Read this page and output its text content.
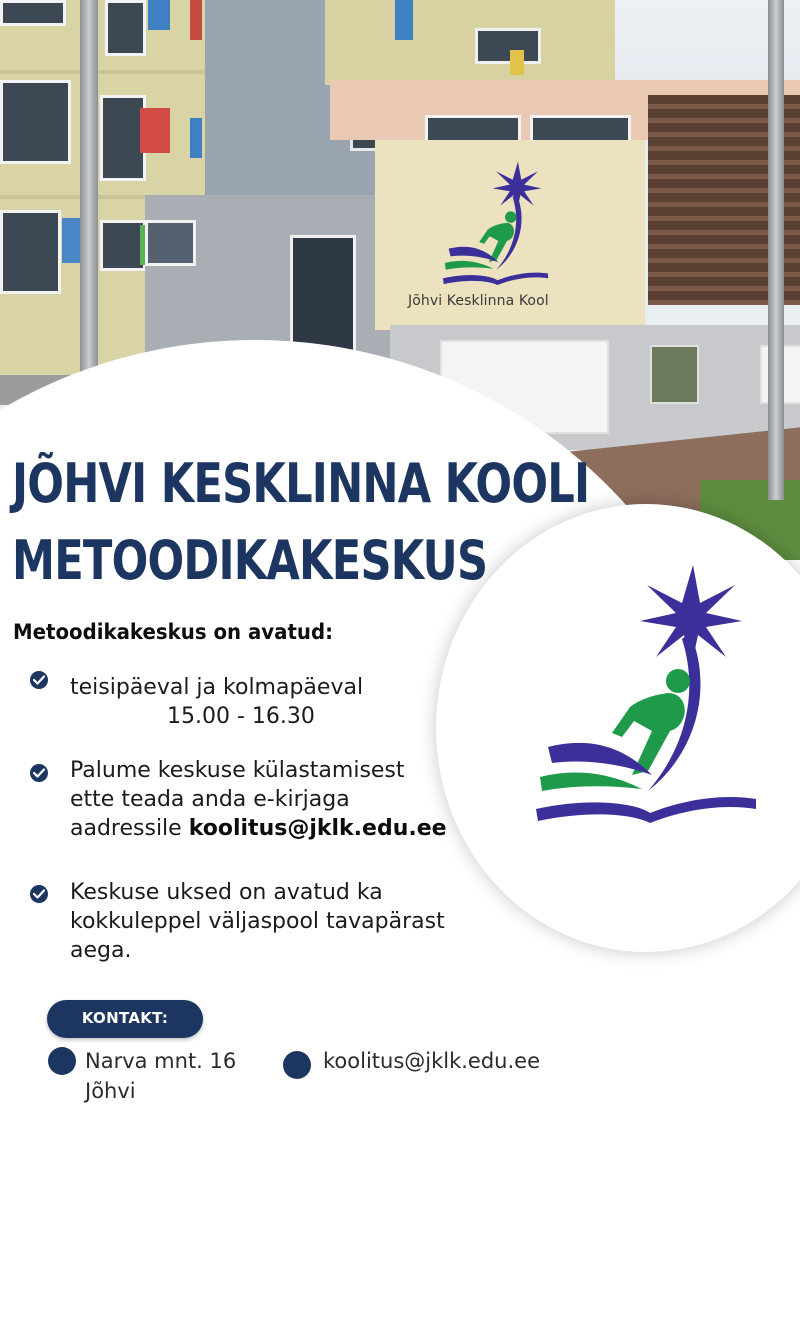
Jõhvi Kesklinna Kool
JÕHVI KESKLINNA KOOLI
METOODIKAKESKUS
Metoodikakeskus on avatud:
teisipäeval ja kolmapäeval
15.00 - 16.30
Palume keskuse külastamisest
ette teada anda e-kirjaga
aadressile koolitus@jklk.edu.ee
Keskuse uksed on avatud ka
kokkuleppel väljaspool tavapärast
aega.
KONTAKT:
Narva mnt. 16
Jõhvi
koolitus@jklk.edu.ee
